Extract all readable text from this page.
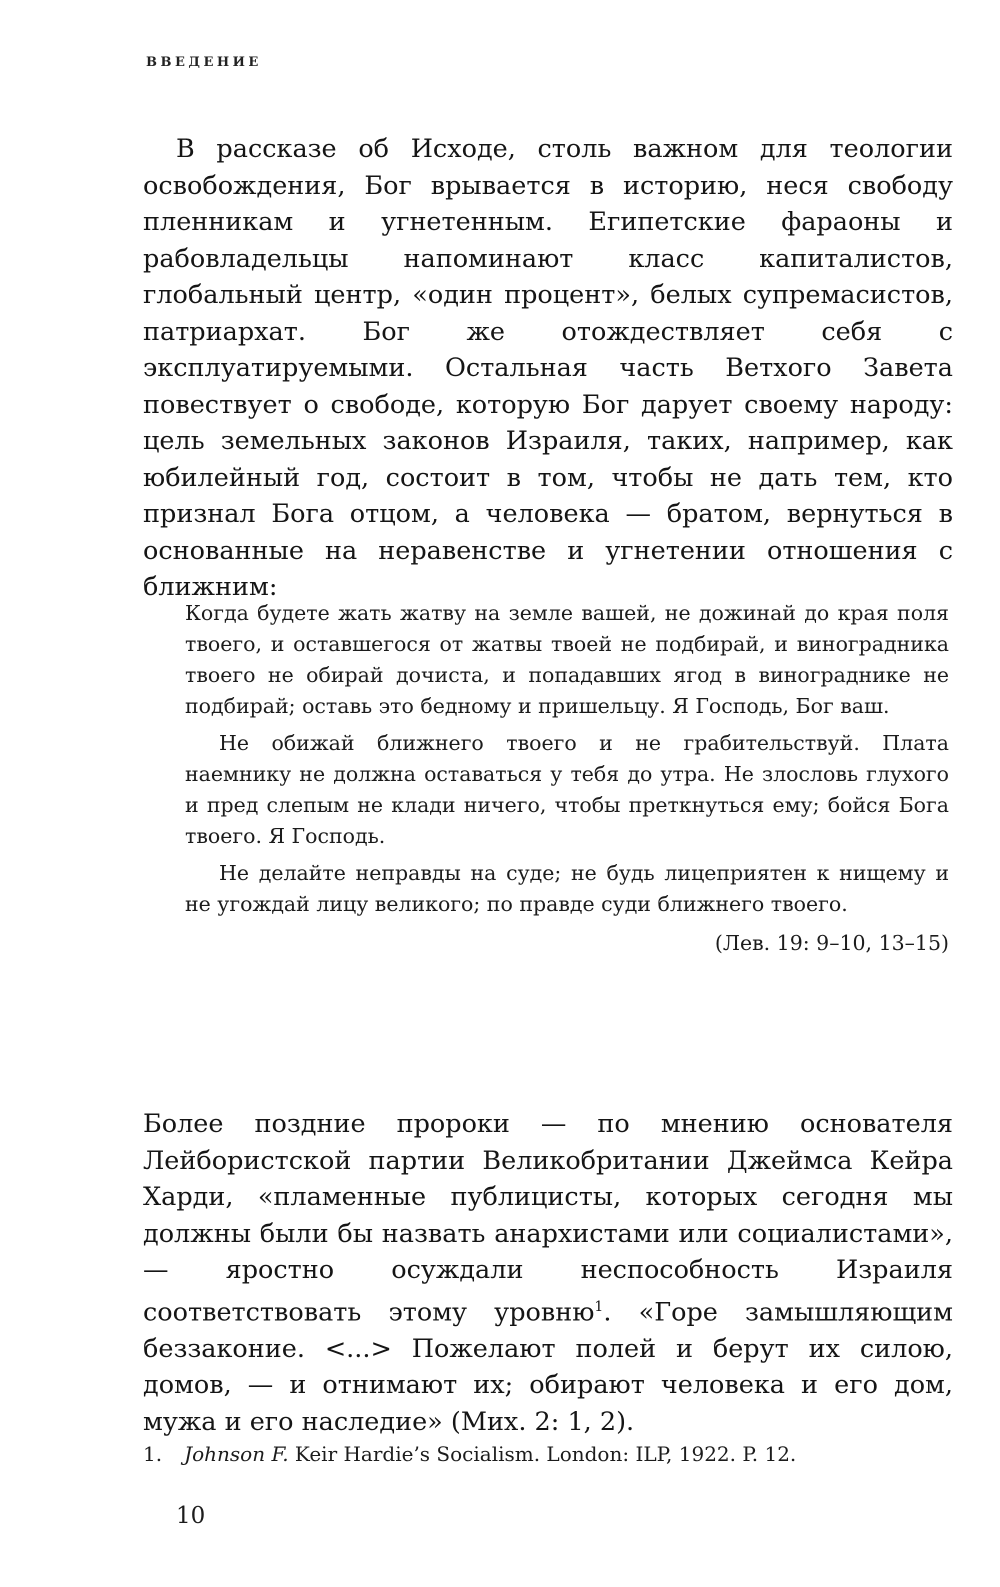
ВВЕДЕНИЕ

В рассказе об Исходе, столь важном для теологии освобождения, Бог врывается в историю, неся свободу пленникам и угнетенным. Египетские фараоны и рабовладельцы напоминают класс капиталистов, глобальный центр, «один процент», белых супремасистов, патриархат. Бог же отождествляет себя с эксплуатируемыми. Остальная часть Ветхого Завета повествует о свободе, которую Бог дарует своему народу: цель земельных законов Израиля, таких, например, как юбилейный год, состоит в том, чтобы не дать тем, кто признал Бога отцом, а человека — братом, вернуться в основанные на неравенстве и угнетении отношения с ближним:

Когда будете жать жатву на земле вашей, не дожинай до края поля твоего, и оставшегося от жатвы твоей не подбирай, и виноградника твоего не обирай дочиста, и попадавших ягод в винограднике не подбирай; оставь это бедному и пришельцу. Я Господь, Бог ваш.

Не обижай ближнего твоего и не грабительствуй. Плата наемнику не должна оставаться у тебя до утра. Не злословь глухого и пред слепым не клади ничего, чтобы преткнуться ему; бойся Бога твоего. Я Господь.

Не делайте неправды на суде; не будь лицеприятен к нищему и не угождай лицу великого; по правде суди ближнего твоего.

(Лев. 19: 9–10, 13–15)

Более поздние пророки — по мнению основателя Лейбористской партии Великобритании Джеймса Кейра Харди, «пламенные публицисты, которых сегодня мы должны были бы назвать анархистами или социалистами», — яростно осуждали неспособность Израиля соответствовать этому уровню$^1$. «Горе замышляющим беззаконие. <...> Пожелают полей и берут их силою, домов, — и отнимают их; обирают человека и его дом, мужа и его наследие» (Мих. 2: 1, 2).

1. Johnson F. Keir Hardie’s Socialism. London: ILP, 1922. P. 12.
10
